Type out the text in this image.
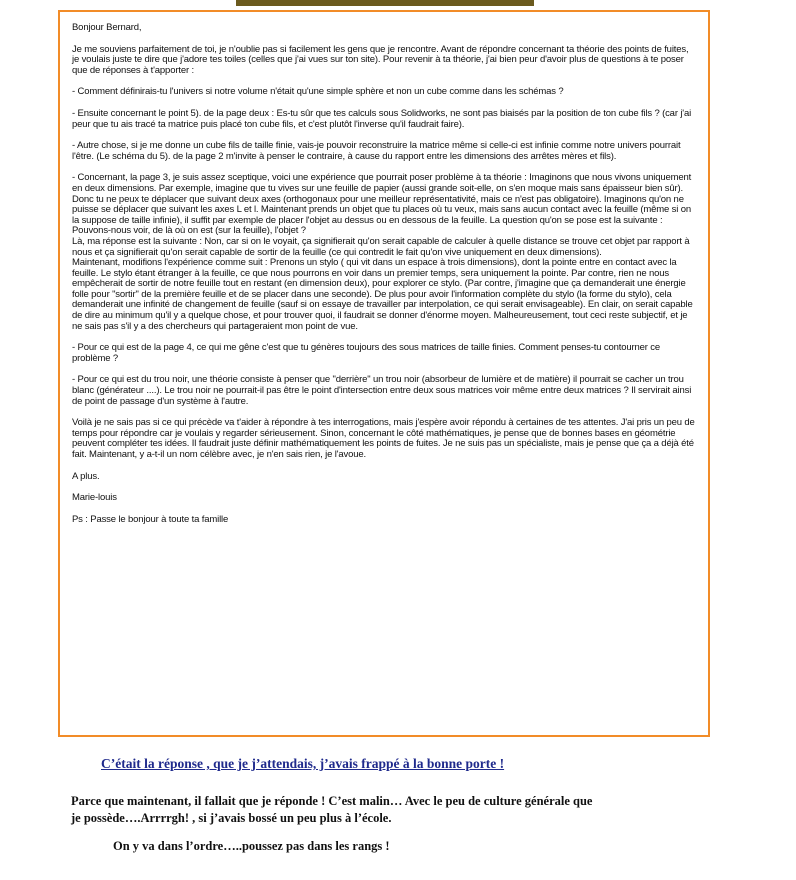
Bonjour Bernard,

Je me souviens parfaitement de toi, je n'oublie pas si facilement les gens que je rencontre. Avant de répondre concernant ta théorie des points de fuites, je voulais juste te dire que j'adore tes toiles (celles que j'ai vues sur ton site). Pour revenir à ta théorie, j'ai bien peur d'avoir plus de questions à te poser que de réponses à t'apporter :

- Comment définirais-tu l'univers si notre volume n'était qu'une simple sphère et non un cube comme dans les schémas ?

- Ensuite concernant le point 5). de la page deux : Es-tu sûr que tes calculs sous Solidworks, ne sont pas biaisés par la position de ton cube fils ? (car j'ai peur que tu ais tracé ta matrice puis placé ton cube fils, et c'est plutôt l'inverse qu'il faudrait faire).

- Autre chose, si je me donne un cube fils de taille finie, vais-je pouvoir reconstruire la matrice même si celle-ci est infinie comme notre univers pourrait l'être. (Le schéma du 5). de la page 2 m'invite à penser le contraire, à cause du rapport entre les dimensions des arrêtes mères et fils).

- Concernant, la page 3, je suis assez sceptique, voici une expérience que pourrait poser problème à ta théorie : Imaginons que nous vivons uniquement en deux dimensions. Par exemple, imagine que tu vives sur une feuille de papier (aussi grande soit-elle, on s'en moque mais sans épaisseur bien sûr). Donc tu ne peux te déplacer que suivant deux axes (orthogonaux pour une meilleur représentativité, mais ce n'est pas obligatoire). Imaginons qu'on ne puisse se déplacer que suivant les axes L et l. Maintenant prends un objet que tu places où tu veux, mais sans aucun contact avec la feuille (même si on la suppose de taille infinie), il suffit par exemple de placer l'objet au dessus ou en dessous de la feuille. La question qu'on se pose est la suivante : Pouvons-nous voir, de là où on est (sur la feuille), l'objet ?

Là, ma réponse est la suivante : Non, car si on le voyait, ça signifierait qu'on serait capable de calculer à quelle distance se trouve cet objet par rapport à nous et ça signifierait qu'on serait capable de sortir de la feuille (ce qui contredit le fait qu'on vive uniquement en deux dimensions).

Maintenant, modifions l'expérience comme suit : Prenons un stylo ( qui vit dans un espace à trois dimensions), dont la pointe entre en contact avec la feuille. Le stylo étant étranger à la feuille, ce que nous pourrons en voir dans un premier temps, sera uniquement la pointe. Par contre, rien ne nous empêcherait de sortir de notre feuille tout en restant (en dimension deux), pour explorer ce stylo. (Par contre, j'imagine que ça demanderait une énergie folle pour "sortir" de la première feuille et de se placer dans une seconde). De plus pour avoir l'information complète du stylo (la forme du stylo), cela demanderait une infinité de changement de feuille (sauf si on essaye de travailler par interpolation, ce qui serait envisageable). En clair, on serait capable de dire au minimum qu'il y a quelque chose, et pour trouver quoi, il faudrait se donner d'énorme moyen. Malheureusement, tout ceci reste subjectif, et je ne sais pas s'il y a des chercheurs qui partageraient mon point de vue.

- Pour ce qui est de la page 4, ce qui me gêne c'est que tu génères toujours des sous matrices de taille finies. Comment penses-tu contourner ce problème ?

- Pour ce qui est du trou noir, une théorie consiste à penser que "derrière" un trou noir (absorbeur de lumière et de matière) il pourrait se cacher un trou blanc (générateur ....). Le trou noir ne pourrait-il pas être le point d'intersection entre deux sous matrices voir même entre deux matrices ? Il servirait ainsi de point de passage d'un système à l'autre.

Voilà je ne sais pas si ce qui précède va t'aider à répondre à tes interrogations, mais j'espère avoir répondu à certaines de tes attentes. J'ai pris un peu de temps pour répondre car je voulais y regarder sérieusement. Sinon, concernant le côté mathématiques, je pense que de bonnes bases en géométrie peuvent compléter tes idées. Il faudrait juste définir mathématiquement les points de fuites. Je ne suis pas un spécialiste, mais je pense que ça a déjà été fait. Maintenant, y a-t-il un nom célèbre avec, je n'en sais rien, je l'avoue.

A plus.

Marie-louis

Ps : Passe le bonjour à toute ta famille

C’était la réponse , que je j’attendais, j’avais frappé à la bonne porte !

Parce que maintenant, il fallait que je réponde ! C’est malin… Avec le peu de culture générale que

je possède….Arrrrgh! , si j’avais bossé un peu plus à l’école.

On y va dans l’ordre…..poussez pas dans les rangs !
